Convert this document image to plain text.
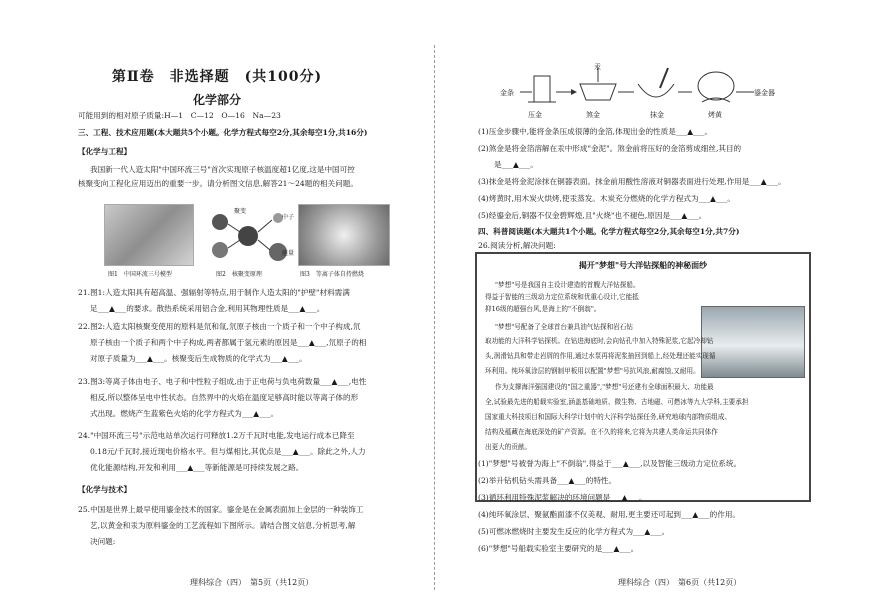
第Ⅱ卷　非选择题　(共100分)
化学部分
可能用到的相对原子质量:H—1　C—12　O—16　Na—23
三、工程、技术应用题(本大题共5个小题。化学方程式每空2分,其余每空1分,共16分)
【化学与工程】
我国新一代人造太阳"中国环流三号"首次实现原子核温度超1亿度,这是中国可控
核聚变向工程化应用迈出的重要一步。请分析图文信息,解答21～24题的相关问题。
聚变
中子
能量
图1　中国环流三号模型	图2　核聚变原理	图3　等离子体自持燃烧
21.图1:人造太阳具有超高温、强辐射等特点,用于制作人造太阳的"护壁"材料需满
足___▲___的要求。散热系统采用铝合金,利用其物理性质是___▲___。
22.图2:人造太阳核聚变使用的原料是氘和氚,氘原子核由一个质子和一个中子构成,氘
原子核由一个质子和两个中子构成,两者都属于氢元素的原因是___▲___,氘原子的相
对原子质量为___▲___。核聚变后生成物质的化学式为___▲___。
23.图3:等离子体由电子、电子和中性粒子组成,由于正电荷与负电荷数量___▲___,电性
相反,所以整体呈电中性状态。自然界中的火焰在温度足够高时能以等离子体的形
式出现。燃烧产生蓝紫色火焰的化学方程式为___▲___。
24."中国环流三号"示范电站单次运行可释放1.2万千瓦时电能,发电运行成本已降至
0.18元/千瓦时,接近现电价格水平。但与煤相比,其优点是___▲___。除此之外,人力
优化能源结构,开发和利用___▲___等新能源是可持续发展之路。
【化学与技术】
25.中国是世界上最早使用鎏金技术的国家。鎏金是在金属表面加上金层的一种装饰工
艺,以黄金和汞为原料鎏金的工艺流程如下图所示。请结合图文信息,分析思考,解
决问题:
理科综合（四）　第5页（共12页）
金条
汞
鎏金器
压金	煞金	抹金	烤黄
(1)压金步骤中,能将金条压成很薄的金箔,体现出金的性质是___▲___。
(2)煞金是将金箔溶解在汞中形成"金泥"。煞金前将压好的金箔剪成细丝,其目的
是___▲___。
(3)抹金是将金泥涂抹在铜器表面。抹金前用酸性溶液对铜器表面进行处理,作用是___▲___。
(4)烤黄时,用木炭火烘烤,使汞蒸发。木炭充分燃烧的化学方程式为___▲___。
(5)经鎏金后,铜器不仅金碧辉煌,且"火烧"也不褪色,原因是___▲___。
四、科普阅读题(本大题共1个小题。化学方程式每空2分,其余每空1分,共7分)
26.阅读分析,解决问题:
揭开"梦想"号大洋钻探船的神秘面纱
"梦想"号是我国自主设计建造的首艘大洋钻探船。
得益于智能的三级动力定位系统和优重心设计,它能抵
抑16级的超强台风,是海上的"不倒翁"。
"梦想"号配备了全球首台兼具油气钻探和岩石钻
取功能的大洋科学钻探机。在钻进海底时,会向钻孔中加入特殊泥浆,它起冷却钻
头,润滑钻具和带走岩屑的作用,通过水泵再将泥浆抽回到船上,经处理还能实现循
环利用。纯环氧涂层的钢制甲板用以配置"梦想"号抗风浪,耐腐蚀,又耐用。
作为支撑海洋强国建设的"国之重器","梦想"号还建有全球面积最大、功能最
全,试验最先进的船载实验室,涵盖基础地质、微生物、古地磁、可燃冰等九大学科,主要承担
国家重大科技项目和国际大科学计划中的大洋科学钻探任务,研究地球内部物质组成、
结构及蕴藏在海底深处的矿产资源。在不久的将来,它将为共建人类命运共同体作
出更大的贡献。
(1)"梦想"号被誉为海上"不倒翁",得益于___▲___,以及智能三级动力定位系统。
(2)举升钻机钻头需具备___▲___的特性。
(3)循环利用特殊泥浆解决的环境问题是___▲___。
(4)纯环氧涂层、聚氨酯面漆不仅美观、耐用,更主要还可起到___▲___的作用。
(5)可燃冰燃烧时主要发生反应的化学方程式为___▲___。
(6)"梦想"号船载实验室主要研究的是___▲___。
理科综合（四）　第6页（共12页）
